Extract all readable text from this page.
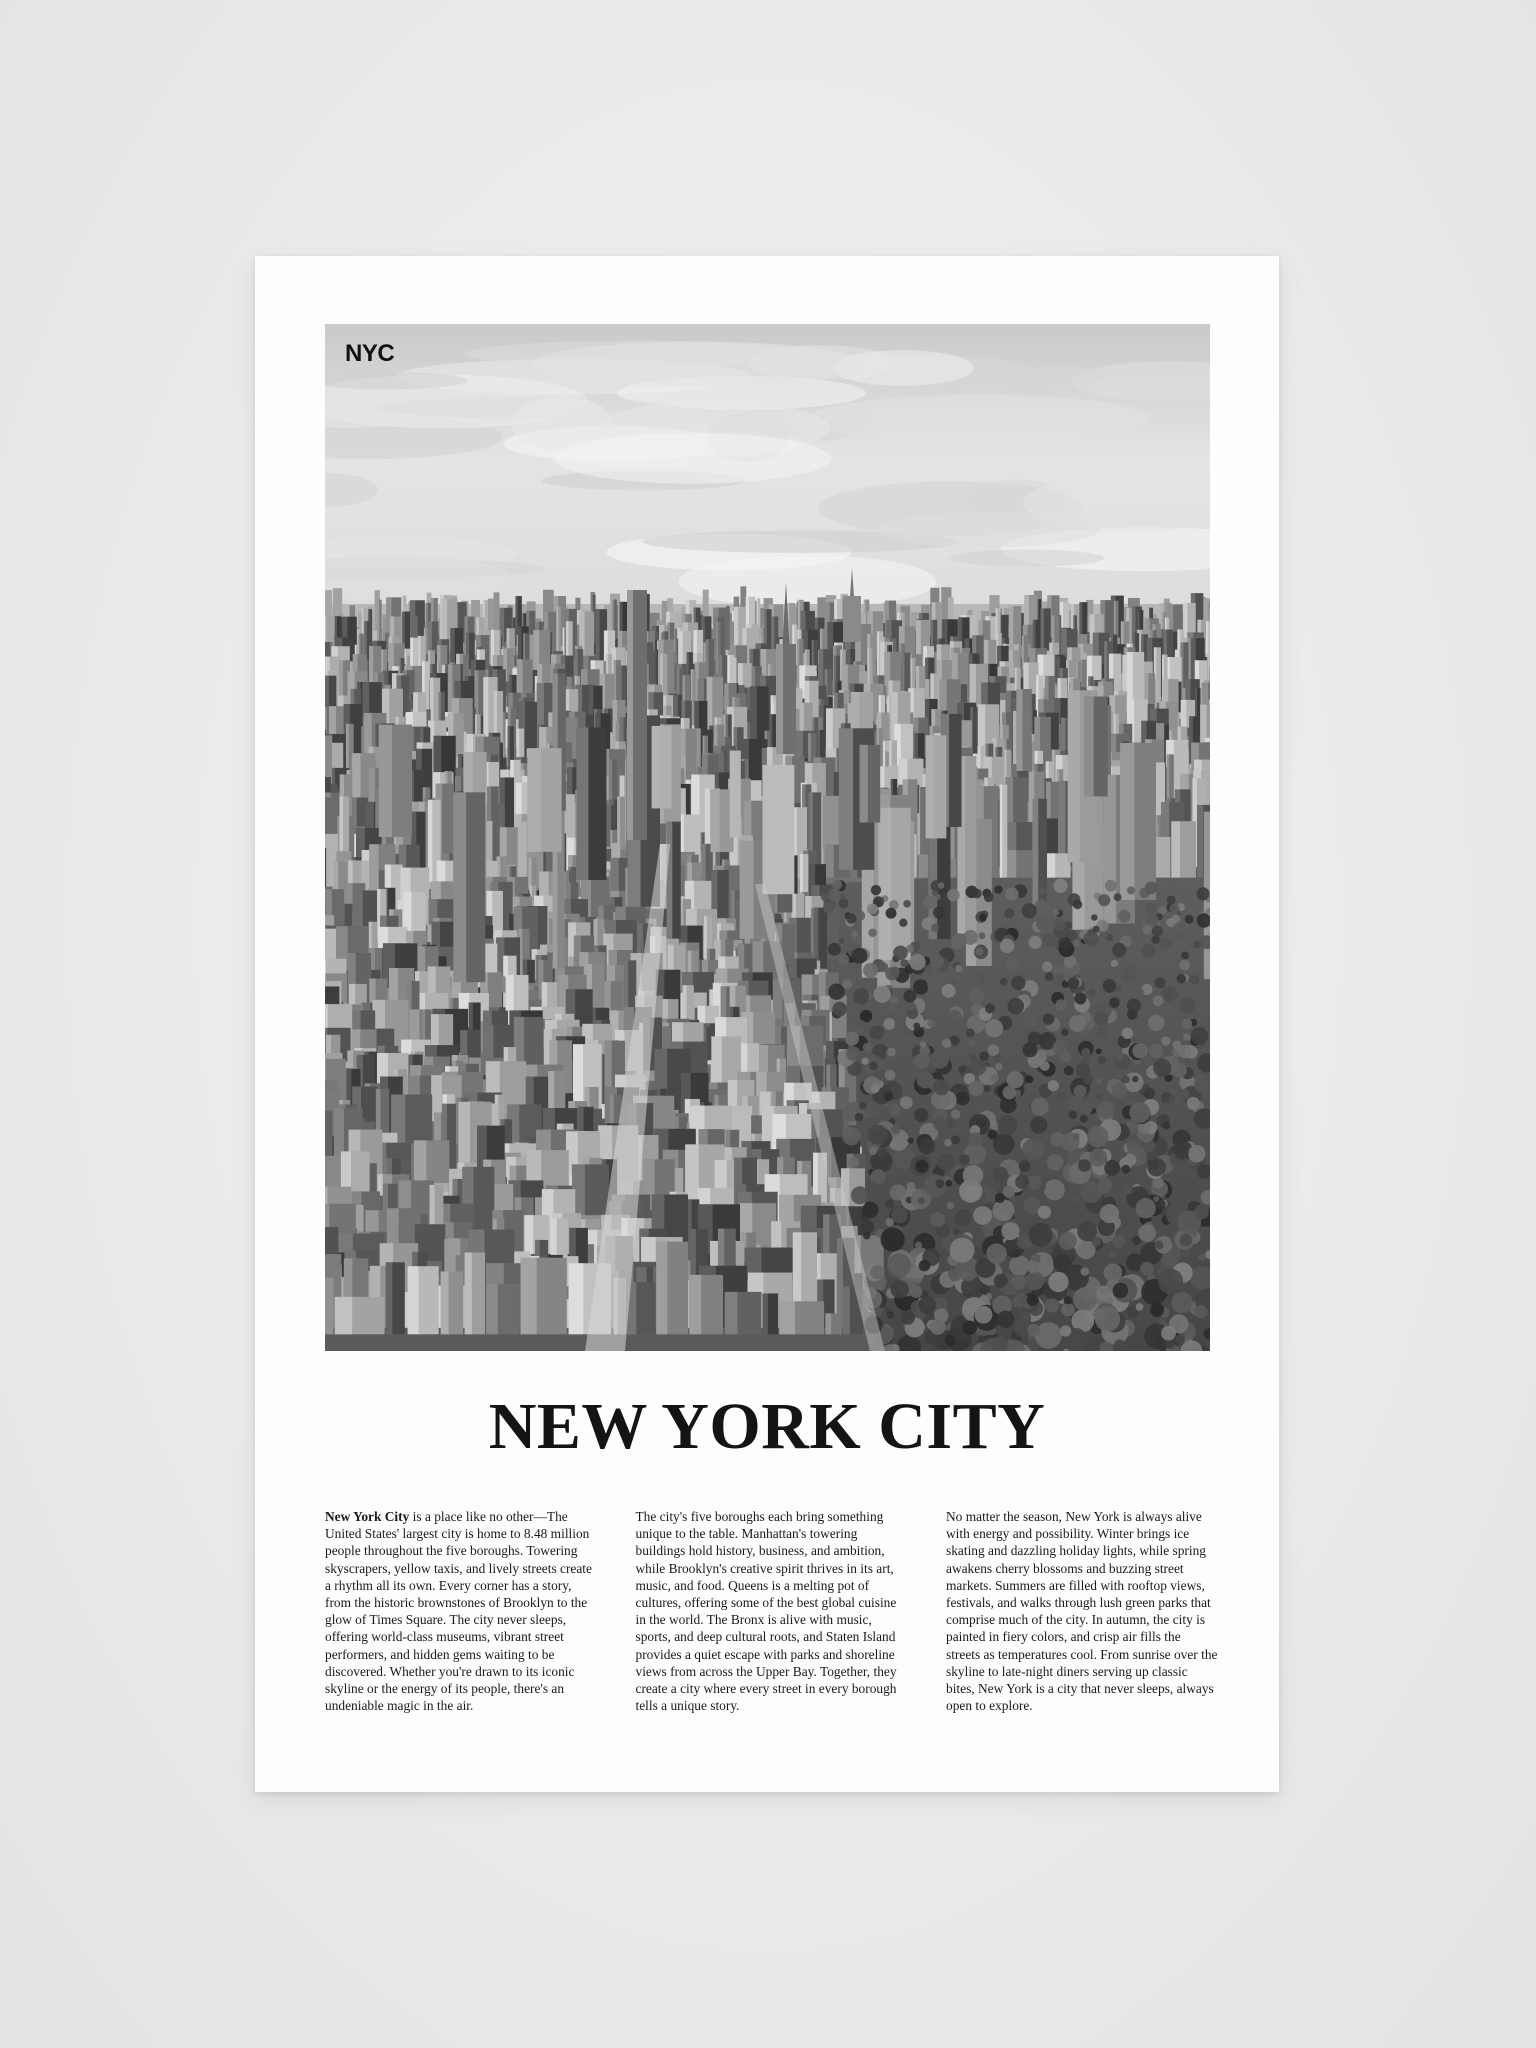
NYC
NEW YORK CITY

New York City is a place like no other—The United States' largest city is home to 8.48 million people throughout the five boroughs. Towering skyscrapers, yellow taxis, and lively streets create a rhythm all its own. Every corner has a story, from the historic brownstones of Brooklyn to the glow of Times Square. The city never sleeps, offering world-class museums, vibrant street performers, and hidden gems waiting to be discovered. Whether you're drawn to its iconic skyline or the energy of its people, there's an undeniable magic in the air.

The city's five boroughs each bring something unique to the table. Manhattan's towering buildings hold history, business, and ambition, while Brooklyn's creative spirit thrives in its art, music, and food. Queens is a melting pot of cultures, offering some of the best global cuisine in the world. The Bronx is alive with music, sports, and deep cultural roots, and Staten Island provides a quiet escape with parks and shoreline views from across the Upper Bay. Together, they create a city where every street in every borough tells a unique story.

No matter the season, New York is always alive with energy and possibility. Winter brings ice skating and dazzling holiday lights, while spring awakens cherry blossoms and buzzing street markets. Summers are filled with rooftop views, festivals, and walks through lush green parks that comprise much of the city. In autumn, the city is painted in fiery colors, and crisp air fills the streets as temperatures cool. From sunrise over the skyline to late-night diners serving up classic bites, New York is a city that never sleeps, always open to explore.
